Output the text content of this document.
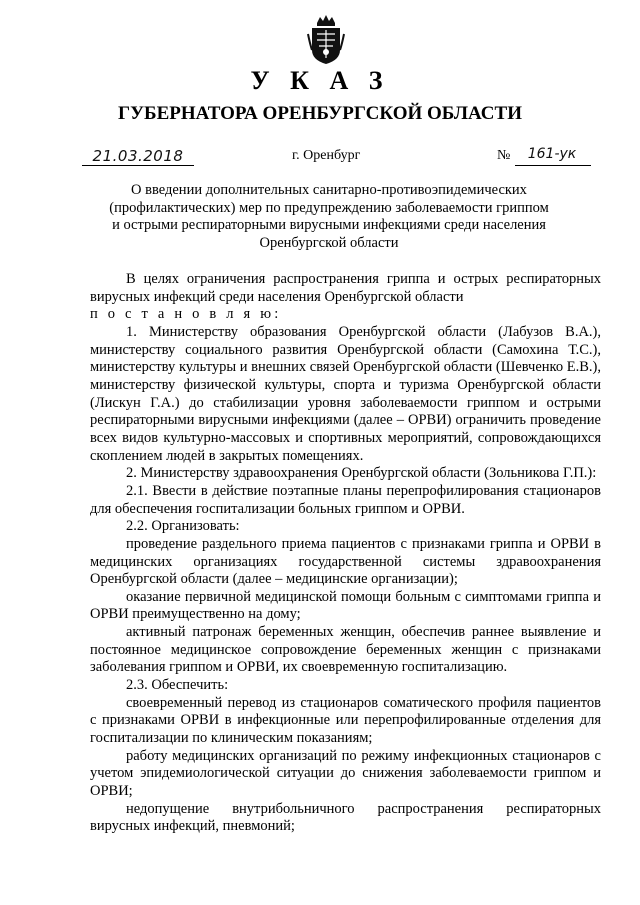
У К А З
ГУБЕРНАТОРА ОРЕНБУРГСКОЙ ОБЛАСТИ
21.03.2018	г. Оренбург	№	161-ук
О введении дополнительных санитарно-противоэпидемических
(профилактических) мер по предупреждению заболеваемости гриппом
и острыми респираторными вирусными инфекциями среди населения
Оренбургской области

В целях ограничения распространения гриппа и острых респираторных вирусных инфекций среди населения Оренбургской области

п о с т а н о в л я ю:

1. Министерству образования Оренбургской области (Лабузов В.А.), министерству социального развития Оренбургской области (Самохина Т.С.), министерству культуры и внешних связей Оренбургской области (Шевченко Е.В.), министерству физической культуры, спорта и туризма Оренбургской области (Лискун Г.А.) до стабилизации уровня заболеваемости гриппом и острыми респираторными вирусными инфекциями (далее – ОРВИ) ограничить проведение всех видов культурно-массовых и спортивных мероприятий, сопровождающихся скоплением людей в закрытых помещениях.

2. Министерству здравоохранения Оренбургской области (Зольникова Г.П.):

2.1. Ввести в действие поэтапные планы перепрофилирования стационаров для обеспечения госпитализации больных гриппом и ОРВИ.

2.2. Организовать:

проведение раздельного приема пациентов с признаками гриппа и ОРВИ в медицинских организациях государственной системы здравоохранения Оренбургской области (далее – медицинские организации);

оказание первичной медицинской помощи больным с симптомами гриппа и ОРВИ преимущественно на дому;

активный патронаж беременных женщин, обеспечив раннее выявление и постоянное медицинское сопровождение беременных женщин с признаками заболевания гриппом и ОРВИ, их своевременную госпитализацию.

2.3. Обеспечить:

своевременный перевод из стационаров соматического профиля пациентов с признаками ОРВИ в инфекционные или перепрофилированные отделения для госпитализации по клиническим показаниям;

работу медицинских организаций по режиму инфекционных стационаров с учетом эпидемиологической ситуации до снижения заболеваемости гриппом и ОРВИ;

недопущение внутрибольничного распространения респираторных вирусных инфекций, пневмоний;
